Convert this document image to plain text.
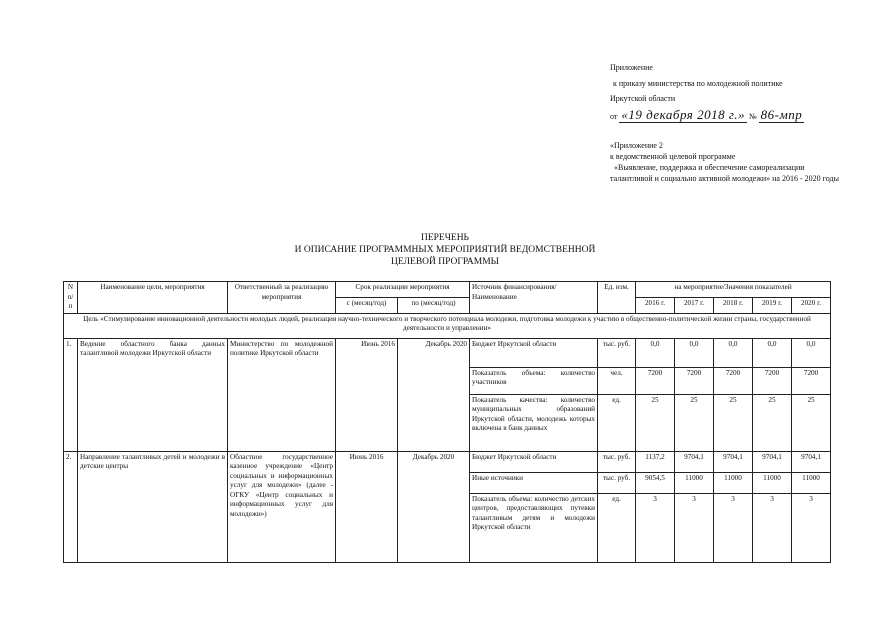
Приложение
к приказу министерства по молодежной политике
Иркутской области
от «19 декабря 2018 г.» № 86-мпр
«Приложение 2
к ведомственной целевой программе
«Выявление, поддержка и обеспечение самореализации
талантливой и социально активной молодежи» на 2016 - 2020 годы
ПЕРЕЧЕНЬ
И ОПИСАНИЕ ПРОГРАММНЫХ МЕРОПРИЯТИЙ ВЕДОМСТВЕННОЙ
ЦЕЛЕВОЙ ПРОГРАММЫ
N п/п	Наименование цели, мероприятия	Ответственный за реализацию мероприятия	Срок реализации мероприятия		Источник финансирования/Наименование	Ед. изм.	на мероприятие/Значения показателей				
			с (месяц/год)	по (месяц/год)			2016 г.	2017 г.	2018 г.	2019 г.	2020 г.
Цель «Стимулирование инновационной деятельности молодых людей, реализация научно-технического и творческого потенциала молодежи, подготовка молодежи к участию в общественно-политической жизни страны, государственной деятельности и управлении»											
1.	Ведение областного банка данных талантливой молодежи Иркутской области	Министерство по молодежной политике Иркутской области	Июнь 2016	Декабрь 2020	Бюджет Иркутской области	тыс. руб.	0,0	0,0	0,0	0,0	0,0
					Показатель объема: количество участников	чел.	7200	7200	7200	7200	7200
					Показатель качества: количество муниципальных образований Иркутской области, молодежь которых включена в банк данных	ед.	25	25	25	25	25
2.	Направление талантливых детей и молодежи в детские центры	Областное государственное казенное учреждение «Центр социальных и информационных услуг для молодежи» (далее - ОГКУ «Центр социальных и информационных услуг для молодежи»)	Июнь 2016	Декабрь 2020	Бюджет Иркутской области	тыс. руб.	1137,2	9704,1	9704,1	9704,1	9704,1
					Иные источники	тыс. руб.	9054,5	11000	11000	11000	11000
					Показатель объема: количество детских центров, предоставляющих путевки талантливым детям и молодежи Иркутской области	ед.	3	3	3	3	3
